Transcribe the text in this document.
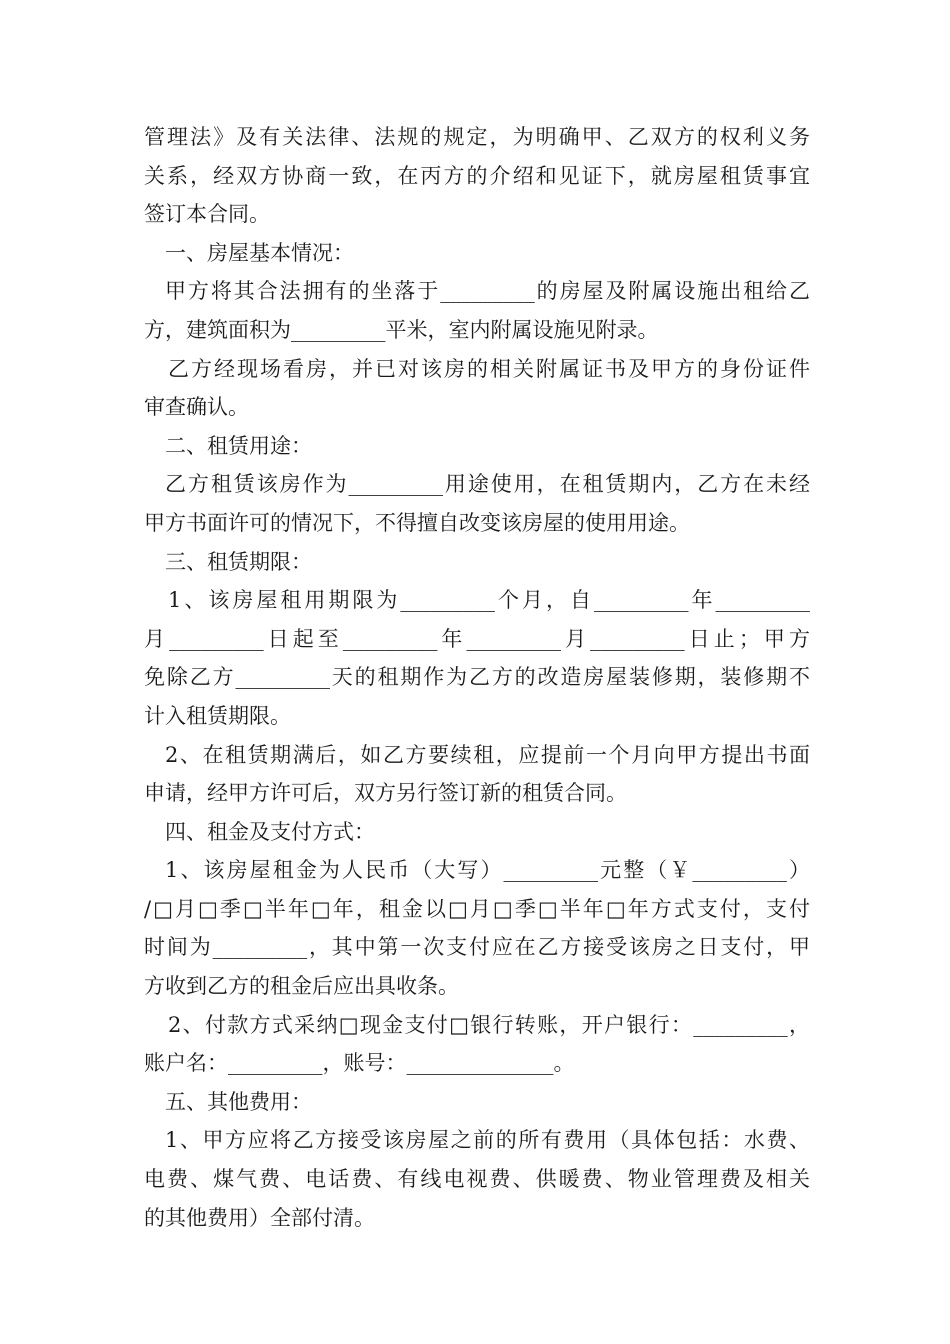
管理法》及有关法律、法规的规定，为明确甲、乙双方的权利义务
关系，经双方协商一致，在丙方的介绍和见证下，就房屋租赁事宜
签订本合同。
一、房屋基本情况：
甲方将其合法拥有的坐落于_________的房屋及附属设施出租给乙
方，建筑面积为_________平米，室内附属设施见附录。
乙方经现场看房，并已对该房的相关附属证书及甲方的身份证件
审查确认。
二、租赁用途：
乙方租赁该房作为_________用途使用，在租赁期内，乙方在未经
甲方书面许可的情况下，不得擅自改变该房屋的使用用途。
三、租赁期限：
1、该房屋租用期限为_________个月，自_________年_________
月_________日起至_________年_________月_________日止；甲方
免除乙方_________天的租期作为乙方的改造房屋装修期，装修期不
计入租赁期限。
2、在租赁期满后，如乙方要续租，应提前一个月向甲方提出书面
申请，经甲方许可后，双方另行签订新的租赁合同。
四、租金及支付方式：
1、该房屋租金为人民币（大写）_________元整（￥_________）
/□月□季□半年□年，租金以□月□季□半年□年方式支付，支付
时间为_________，其中第一次支付应在乙方接受该房之日支付，甲
方收到乙方的租金后应出具收条。
2、付款方式采纳□现金支付□银行转账，开户银行：_________，
账户名：_________，账号：______________。
五、其他费用：
1、甲方应将乙方接受该房屋之前的所有费用（具体包括：水费、
电费、煤气费、电话费、有线电视费、供暖费、物业管理费及相关
的其他费用）全部付清。
